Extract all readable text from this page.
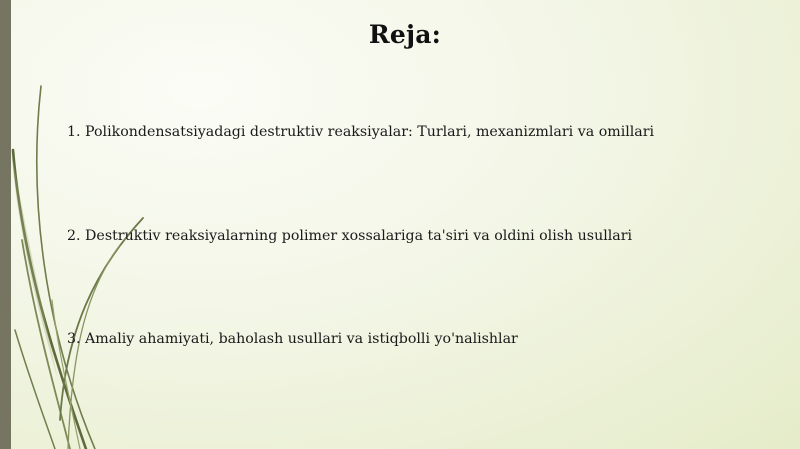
Reja:
1. Polikondensatsiyadagi destruktiv reaksiyalar: Turlari, mexanizmlari va omillari
2. Destruktiv reaksiyalarning polimer xossalariga ta'siri va oldini olish usullari
3. Amaliy ahamiyati, baholash usullari va istiqbolli yo'nalishlar
